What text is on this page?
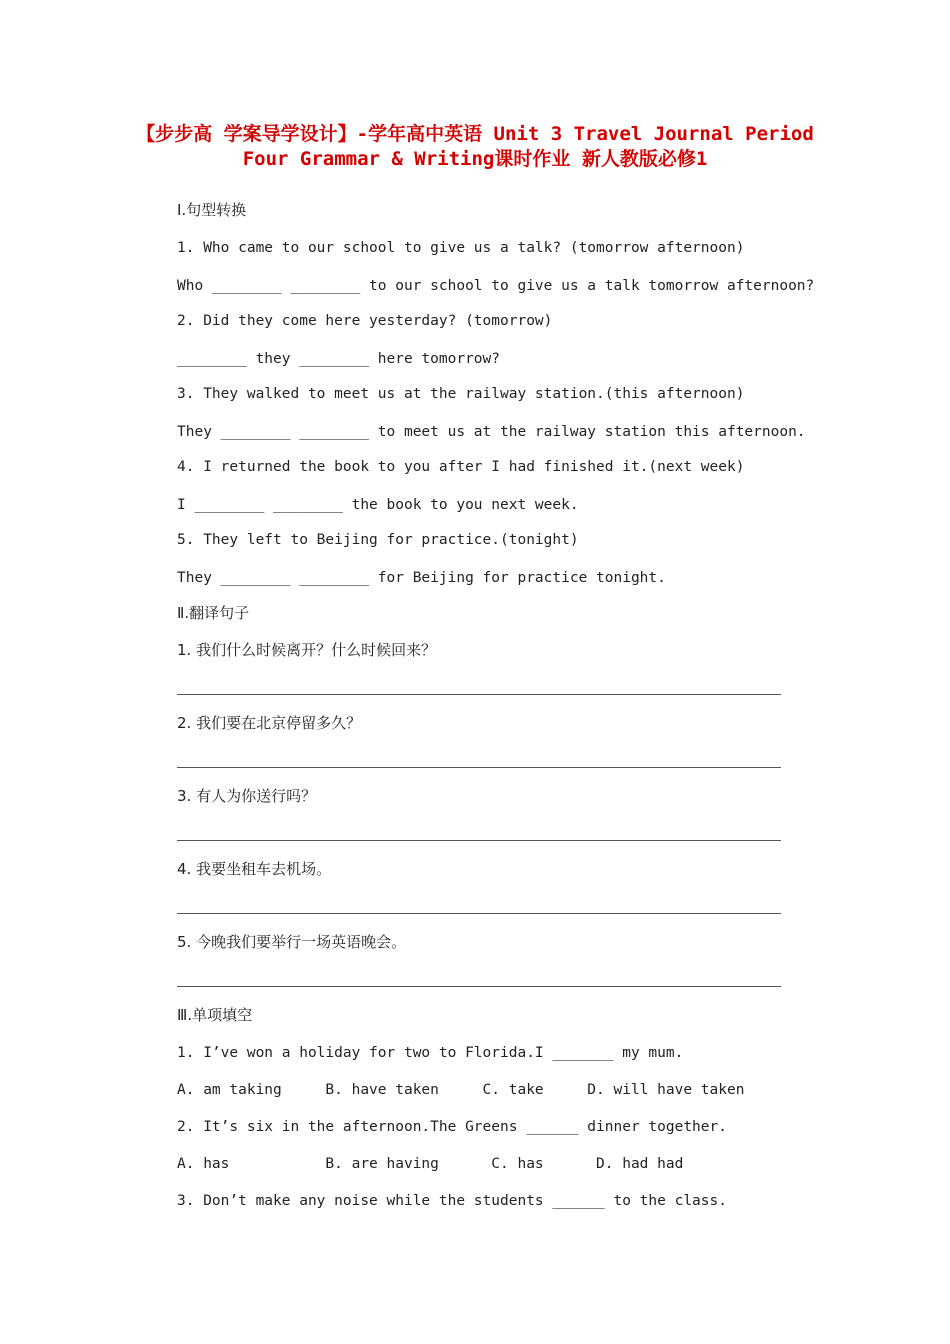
【步步高 学案导学设计】-学年高中英语 Unit 3 Travel Journal Period Four Grammar & Writing课时作业 新人教版必修1
Ⅰ.句型转换
1. Who came to our school to give us a talk? (tomorrow afternoon)
Who ________ ________ to our school to give us a talk tomorrow afternoon?
2. Did they come here yesterday? (tomorrow)
________ they ________ here tomorrow?
3. They walked to meet us at the railway station.(this afternoon)
They ________ ________ to meet us at the railway station this afternoon.
4. I returned the book to you after I had finished it.(next week)
I ________ ________ the book to you next week.
5. They left to Beijing for practice.(tonight)
They ________ ________ for Beijing for practice tonight.
Ⅱ.翻译句子
1. 我们什么时候离开？什么时候回来？
2. 我们要在北京停留多久？
3. 有人为你送行吗？
4. 我要坐租车去机场。
5. 今晚我们要举行一场英语晚会。
Ⅲ.单项填空
1. I’ve won a holiday for two to Florida.I _______ my mum.
A. am taking     B. have taken     C. take     D. will have taken
2. It’s six in the afternoon.The Greens ______ dinner together.
A. has           B. are having      C. has      D. had had
3. Don’t make any noise while the students ______ to the class.
